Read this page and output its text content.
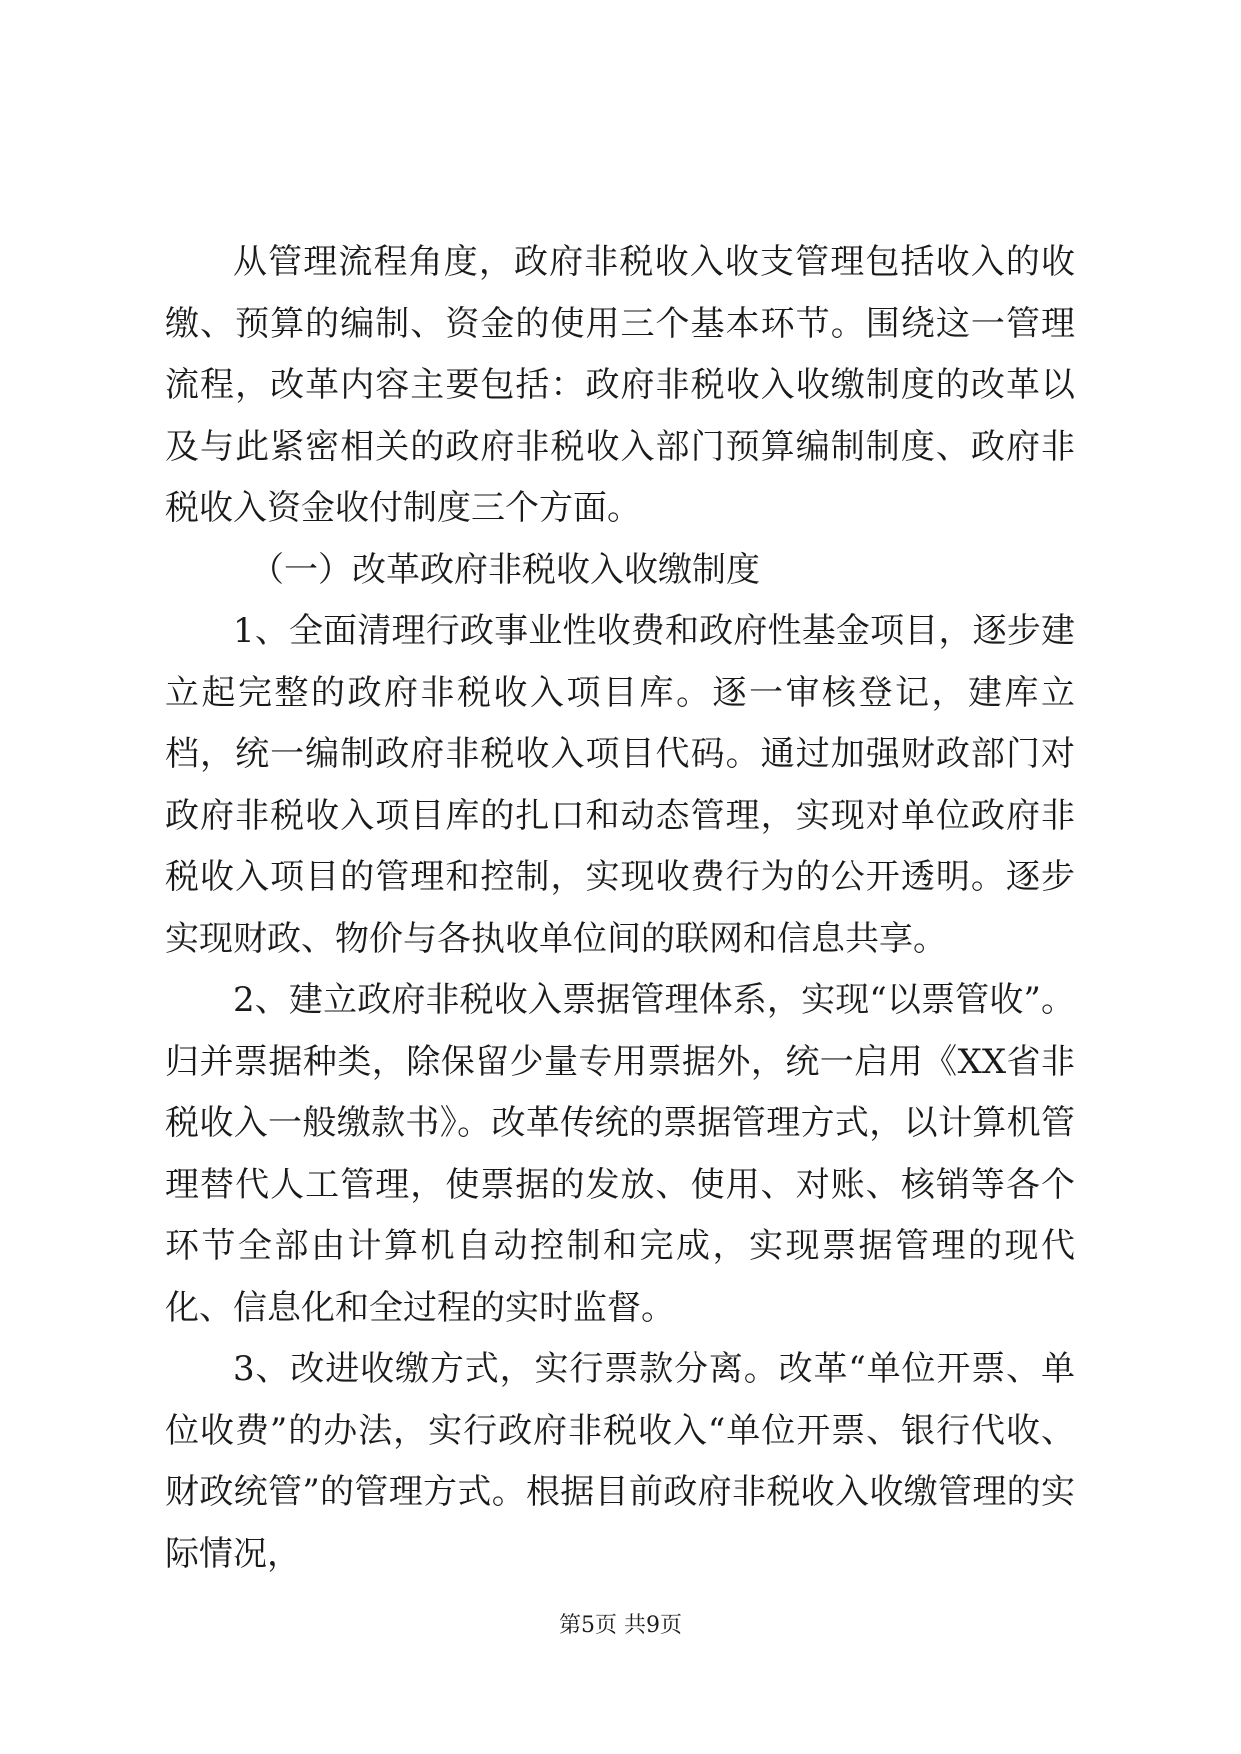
从管理流程角度，政府非税收入收支管理包括收入的收缴、预算的编制、资金的使用三个基本环节。围绕这一管理流程，改革内容主要包括：政府非税收入收缴制度的改革以及与此紧密相关的政府非税收入部门预算编制制度、政府非税收入资金收付制度三个方面。

（一）改革政府非税收入收缴制度

1、全面清理行政事业性收费和政府性基金项目，逐步建立起完整的政府非税收入项目库。逐一审核登记，建库立档，统一编制政府非税收入项目代码。通过加强财政部门对政府非税收入项目库的扎口和动态管理，实现对单位政府非税收入项目的管理和控制，实现收费行为的公开透明。逐步实现财政、物价与各执收单位间的联网和信息共享。

2、建立政府非税收入票据管理体系，实现“以票管收”。归并票据种类，除保留少量专用票据外，统一启用《XX省非税收入一般缴款书》。改革传统的票据管理方式，以计算机管理替代人工管理，使票据的发放、使用、对账、核销等各个环节全部由计算机自动控制和完成，实现票据管理的现代化、信息化和全过程的实时监督。

3、改进收缴方式，实行票款分离。改革“单位开票、单位收费”的办法，实行政府非税收入“单位开票、银行代收、财政统管”的管理方式。根据目前政府非税收入收缴管理的实际情况，

第5页 共9页
